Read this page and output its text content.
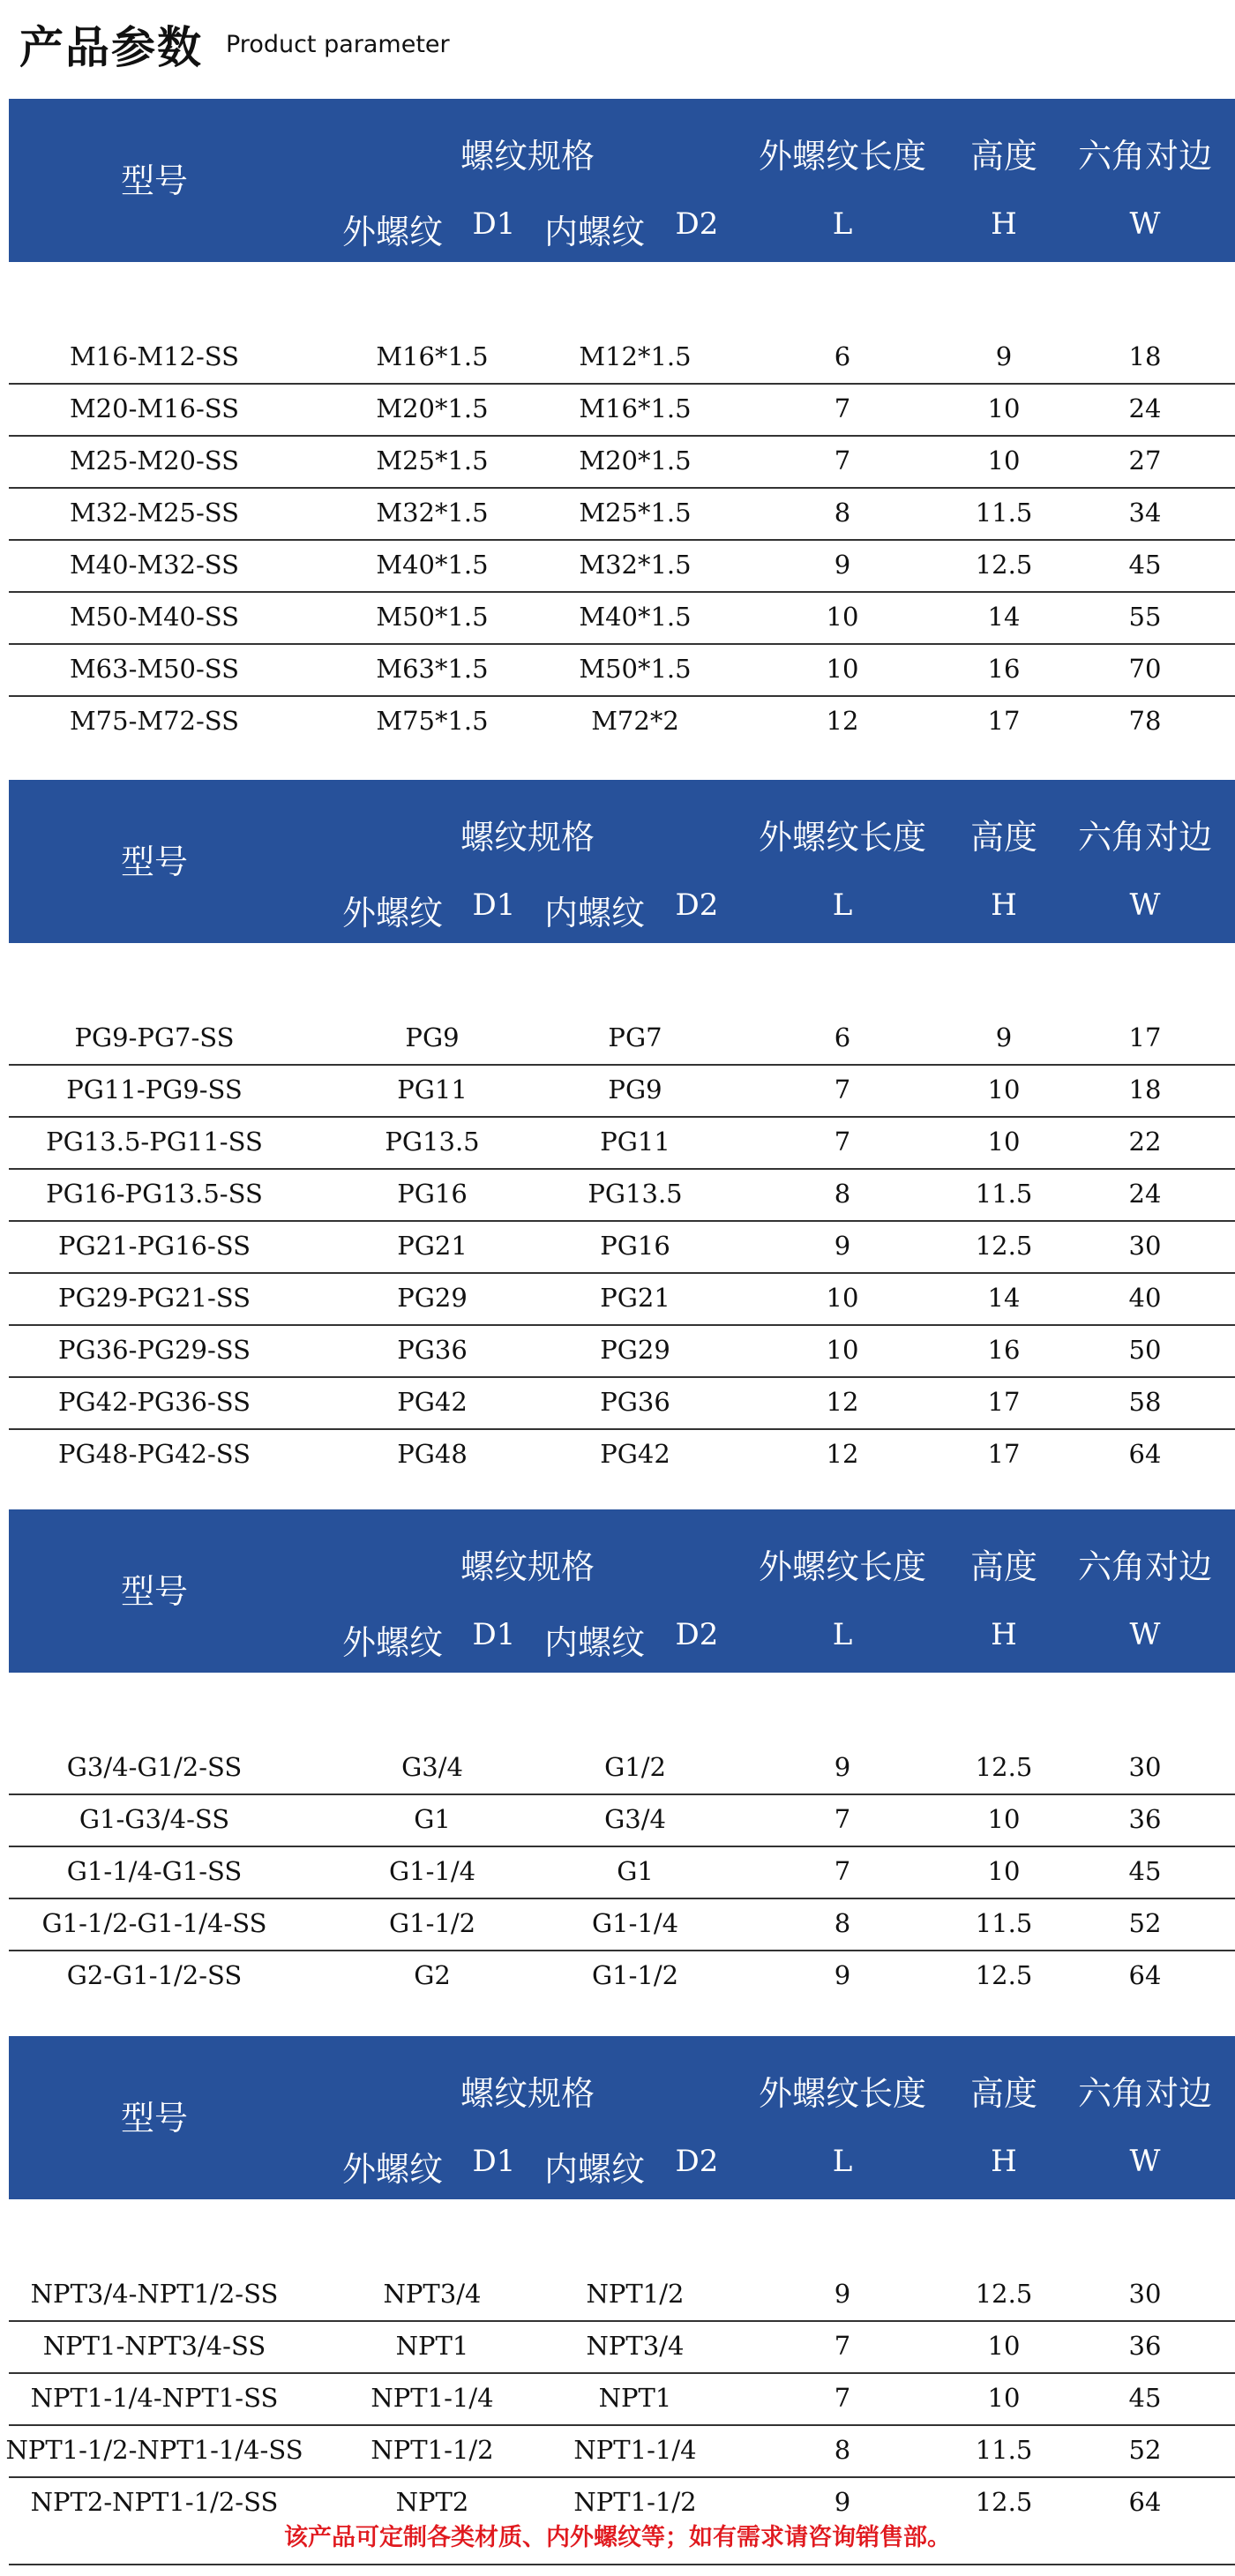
产品参数 Product parameter
型号
螺纹规格	外螺纹长度 高度 六角对边
外螺纹 D1 内螺纹 D2	L	H	W
M16-M12-SS	M16*1.5	M12*1.5	6	9	18
M20-M16-SS	M20*1.5	M16*1.5	7	10	24
M25-M20-SS	M25*1.5	M20*1.5	7	10	27
M32-M25-SS	M32*1.5	M25*1.5	8	11.5	34
M40-M32-SS	M40*1.5	M32*1.5	9	12.5	45
M50-M40-SS	M50*1.5	M40*1.5	10	14	55
M63-M50-SS	M63*1.5	M50*1.5	10	16	70
M75-M72-SS	M75*1.5	M72*2	12	17	78
型号
螺纹规格	外螺纹长度 高度 六角对边
外螺纹 D1 内螺纹 D2	L	H	W
PG9-PG7-SS	PG9	PG7	6	9	17
PG11-PG9-SS	PG11	PG9	7	10	18
PG13.5-PG11-SS	PG13.5	PG11	7	10	22
PG16-PG13.5-SS	PG16	PG13.5	8	11.5	24
PG21-PG16-SS	PG21	PG16	9	12.5	30
PG29-PG21-SS	PG29	PG21	10	14	40
PG36-PG29-SS	PG36	PG29	10	16	50
PG42-PG36-SS	PG42	PG36	12	17	58
PG48-PG42-SS	PG48	PG42	12	17	64
型号
螺纹规格	外螺纹长度 高度 六角对边
外螺纹 D1 内螺纹 D2	L	H	W
G3/4-G1/2-SS	G3/4	G1/2	9	12.5	30
G1-G3/4-SS	G1	G3/4	7	10	36
G1-1/4-G1-SS	G1-1/4	G1	7	10	45
G1-1/2-G1-1/4-SS	G1-1/2	G1-1/4	8	11.5	52
G2-G1-1/2-SS	G2	G1-1/2	9	12.5	64
型号
螺纹规格	外螺纹长度 高度 六角对边
外螺纹 D1 内螺纹 D2	L	H	W
NPT3/4-NPT1/2-SS	NPT3/4	NPT1/2	9	12.5	30
NPT1-NPT3/4-SS	NPT1	NPT3/4	7	10	36
NPT1-1/4-NPT1-SS	NPT1-1/4	NPT1	7	10	45
NPT1-1/2-NPT1-1/4-SS	NPT1-1/2	NPT1-1/4	8	11.5	52
NPT2-NPT1-1/2-SS	NPT2	NPT1-1/2	9	12.5	64
该产品可定制各类材质、内外螺纹等；如有需求请咨询销售部。
